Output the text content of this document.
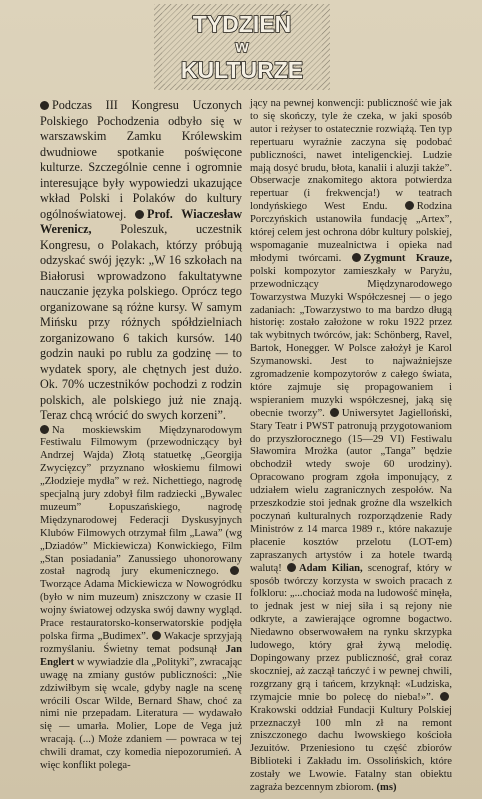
TYDZIEŃ
w
KULTURZE

Podczas III Kongresu Uczonych Polskiego Pochodzenia odbyło się w warszawskim Zamku Królewskim dwudniowe spotkanie poświęcone kulturze. Szczególnie cenne i ogromnie interesujące były wypowiedzi ukazujące wkład Polski i Polaków do kultury ogólnoświatowej. Prof. Wiaczesław Werenicz, Poleszuk, uczestnik Kongresu, o Polakach, którzy próbują odzyskać swój język: „W 16 szkołach na Białorusi wprowadzono fakultatywne nauczanie języka polskiego. Oprócz tego organizowane są różne kursy. W samym Mińsku przy różnych spółdzielniach zorganizowano 6 takich kursów. 140 godzin nauki po rublu za godzinę — to wydatek spory, ale chętnych jest dużo. Ok. 70% uczestników pochodzi z rodzin polskich, ale polskiego już nie znają. Teraz chcą wrócić do swych korzeni”.

Na moskiewskim Międzynarodowym Festiwalu Filmowym (przewodniczący był Andrzej Wajda) Złotą statuetkę „Georgija Zwycięzcy” przyznano włoskiemu filmowi „Złodzieje mydła” w reż. Nichettiego, nagrodę specjalną jury zdobył film radziecki „Bywalec muzeum” Łopuszańskiego, nagrodę Międzynarodowej Federacji Dyskusyjnych Klubów Filmowych otrzymał film „Lawa” (wg „Dziadów” Mickiewicza) Konwickiego, Film „Stan posiadania” Zanussiego uhonorowany został nagrodą jury ekumenicznego. Tworzące Adama Mickiewicza w Nowogródku (było w nim muzeum) zniszczony w czasie II wojny światowej odzyska swój dawny wygląd. Prace restauratorsko-konserwatorskie podjęła polska firma „Budimex”. Wakacje sprzyjają rozmyślaniu. Świetny temat podsunął Jan Englert w wywiadzie dla „Polityki”, zwracając uwagę na zmiany gustów publiczności: „Nie zdziwiłbym się wcale, gdyby nagle na scenę wrócili Oscar Wilde, Bernard Shaw, choć za nimi nie przepadam. Literatura — wydawało się — umarła. Molier, Lope de Vega już wracają. (...) Może zdaniem — powraca w tej chwili dramat, czy komedia niepozorumień. A więc konflikt polega-

jący na pewnej konwencji: publiczność wie jak to się skończy, tyle że czeka, w jaki sposób autor i reżyser to ostatecznie rozwiążą. Ten typ repertuaru wyraźnie zaczyna się podobać publiczności, nawet inteligenckiej. Ludzie mają dosyć brudu, błota, kanalii i aluzji także”. Obserwacje znakomitego aktora potwierdza repertuar (i frekwencja!) w teatrach londyńskiego West Endu.	Rodzina Porczyńskich ustanowiła fundację „Artex”, której celem jest ochrona dóbr kultury polskiej, wspomaganie muzealnictwa i opieka nad młodymi twórcami. Zygmunt Krauze, polski kompozytor zamieszkały w Paryżu, przewodniczący Międzynarodowego Towarzystwa Muzyki Współczesnej — o jego zadaniach: „Towarzystwo to ma bardzo długą historię: zostało założone w roku 1922 przez tak wybitnych twórców, jak: Schönberg, Ravel, Bartok, Honegger. W Polsce założył je Karol Szymanowski. Jest to najważniejsze zgromadzenie kompozytorów z całego świata, które zajmuje się propagowaniem i wspieraniem muzyki współczesnej, jaką się obecnie tworzy”. Uniwersytet Jagielloński, Stary Teatr i PWST patronują przygotowaniom do przyszłorocznego (15—29 VI) Festiwalu Sławomira Mrożka (autor „Tanga” będzie obchodził wtedy swoje 60 urodziny). Opracowano program zgoła imponujący, z udziałem wielu zagranicznych zespołów. Na przeszkodzie stoi jednak groźne dla wszelkich poczynań kulturalnych rozporządzenie Rady Ministrów z 14 marca 1989 r., które nakazuje płacenie kosztów przelotu (LOT-em) zapraszanych artystów i za hotele twardą walutą! Adam Kilian, scenograf, który w sposób twórczy korzysta w swoich pracach z folkloru: „...chociaż moda na ludowość minęła, to jednak jest w niej siła i są rejony nie odkryte, a zawierające ogromne bogactwo. Niedawno obserwowałem na rynku skrzypka ludowego, który grał żywą melodię. Dopingowany przez publiczność, grał coraz skoczniej, aż zaczął tańczyć i w pewnej chwili, rozgrzany grą i tańcem, krzyknął: «Ludziska, rzymajcie mnie bo polecę do nieba!»”. Krakowski oddział Fundacji Kultury Polskiej przeznaczył 100 mln zł na remont zniszczonego dachu lwowskiego kościoła Jezuitów. Przeniesiono tu część zbiorów Biblioteki i Zakładu im. Ossolińskich, które zostały we Lwowie. Fatalny stan obiektu zagraża bezcennym zbiorom. (ms)
